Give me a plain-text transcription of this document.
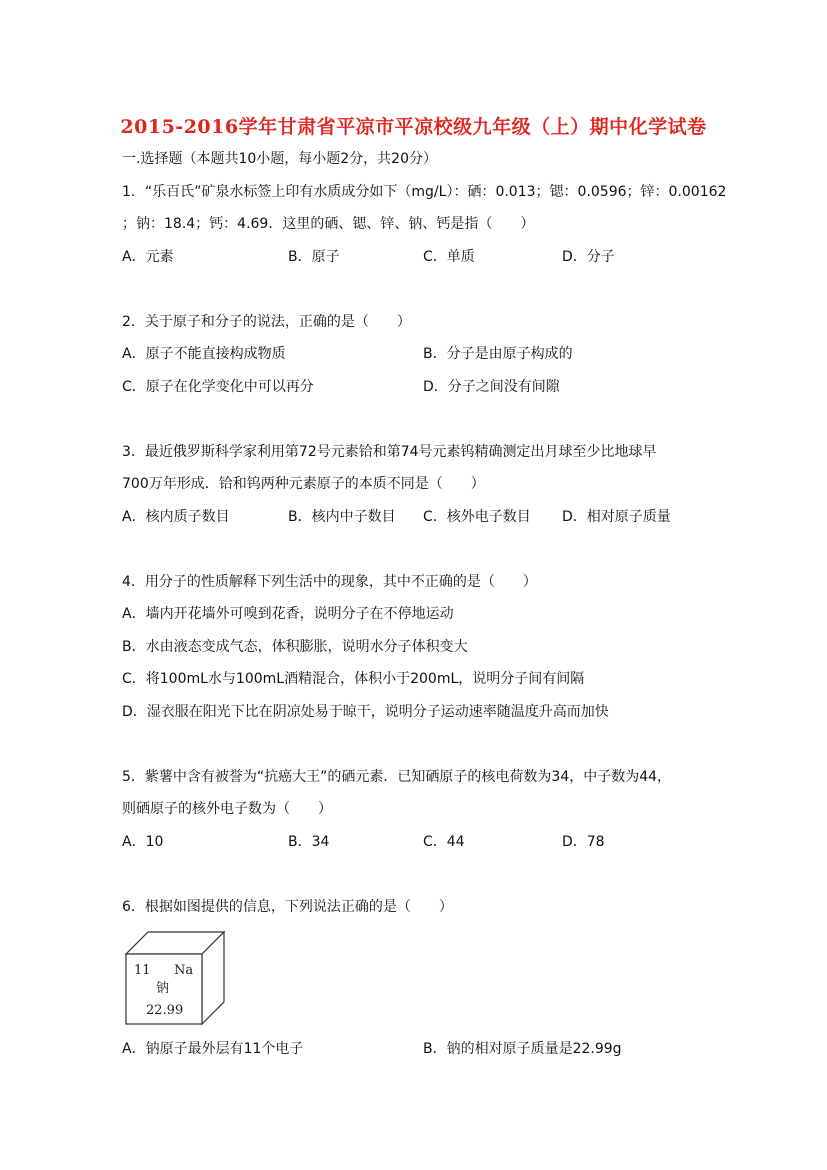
2015-2016学年甘肃省平凉市平凉校级九年级（上）期中化学试卷
一.选择题（本题共10小题，每小题2分，共20分）
1．“乐百氏”矿泉水标签上印有水质成分如下（mg/L）：硒：0.013；锶：0.0596；锌：0.00162
；钠：18.4；钙：4.69．这里的硒、锶、锌、钠、钙是指（　　）
A．元素	B．原子	C．单质	D．分子
2．关于原子和分子的说法，正确的是（　　）
A．原子不能直接构成物质	B．分子是由原子构成的
C．原子在化学变化中可以再分	D．分子之间没有间隙
3．最近俄罗斯科学家利用第72号元素铪和第74号元素钨精确测定出月球至少比地球早
700万年形成．铪和钨两种元素原子的本质不同是（　　）
A．核内质子数目	B．核内中子数目 C．核外电子数目 D．相对原子质量
4．用分子的性质解释下列生活中的现象，其中不正确的是（　　）
A．墙内开花墙外可嗅到花香，说明分子在不停地运动
B．水由液态变成气态，体积膨胀，说明水分子体积变大
C．将100mL水与100mL酒精混合，体积小于200mL，说明分子间有间隔
D．湿衣服在阳光下比在阴凉处易于晾干，说明分子运动速率随温度升高而加快
5．紫薯中含有被誉为“抗癌大王”的硒元素．已知硒原子的核电荷数为34，中子数为44，
则硒原子的核外电子数为（　　）
A．10	B．34	C．44	D．78
6．根据如图提供的信息，下列说法正确的是（　　）
11 Na
钠
22.99
A．钠原子最外层有11个电子	B．钠的相对原子质量是22.99g
